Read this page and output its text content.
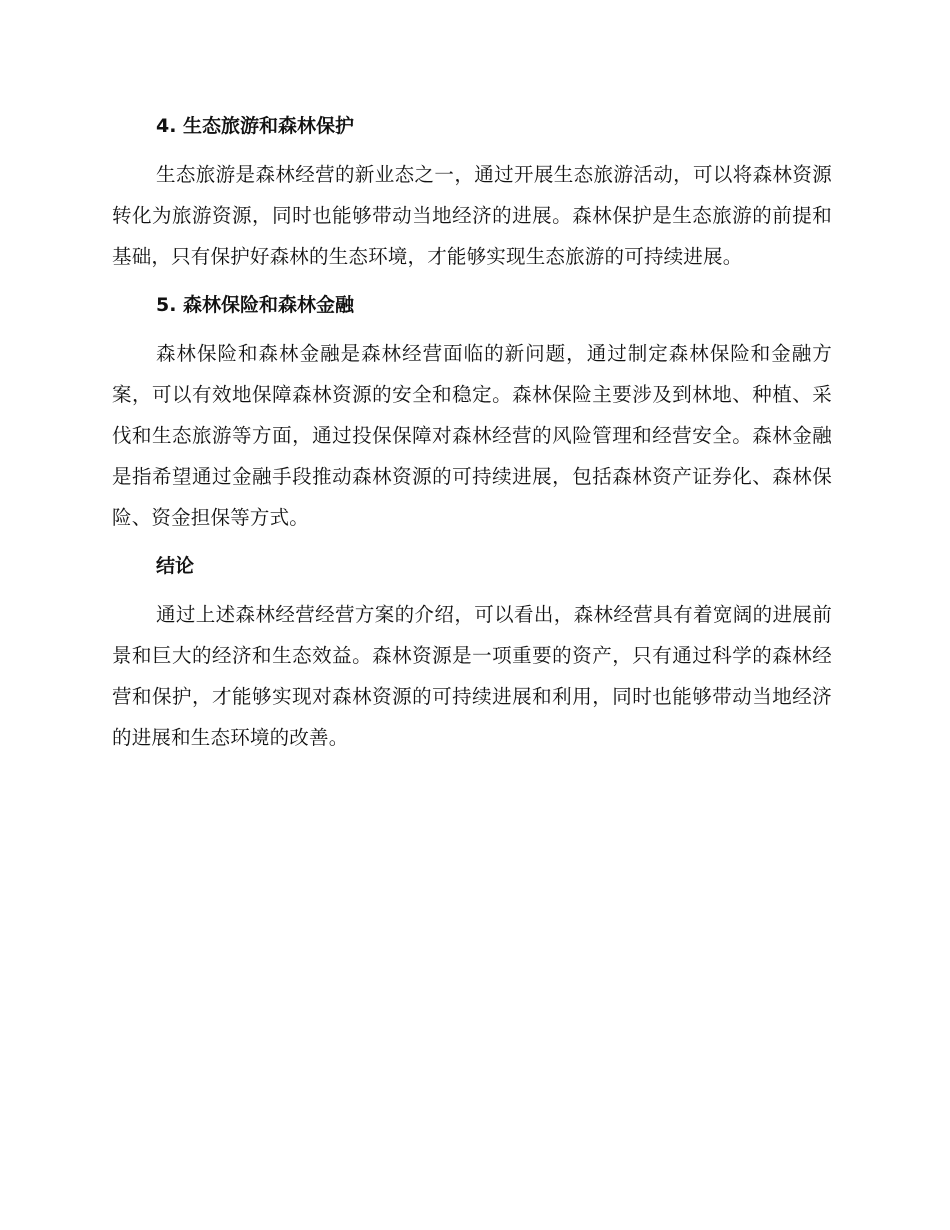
4. 生态旅游和森林保护

生态旅游是森林经营的新业态之一，通过开展生态旅游活动，可以将森林资源转化为旅游资源，同时也能够带动当地经济的进展。森林保护是生态旅游的前提和基础，只有保护好森林的生态环境，才能够实现生态旅游的可持续进展。

5. 森林保险和森林金融

森林保险和森林金融是森林经营面临的新问题，通过制定森林保险和金融方案，可以有效地保障森林资源的安全和稳定。森林保险主要涉及到林地、种植、采伐和生态旅游等方面，通过投保保障对森林经营的风险管理和经营安全。森林金融是指希望通过金融手段推动森林资源的可持续进展，包括森林资产证券化、森林保险、资金担保等方式。

结论

通过上述森林经营经营方案的介绍，可以看出，森林经营具有着宽阔的进展前景和巨大的经济和生态效益。森林资源是一项重要的资产，只有通过科学的森林经营和保护，才能够实现对森林资源的可持续进展和利用，同时也能够带动当地经济的进展和生态环境的改善。
